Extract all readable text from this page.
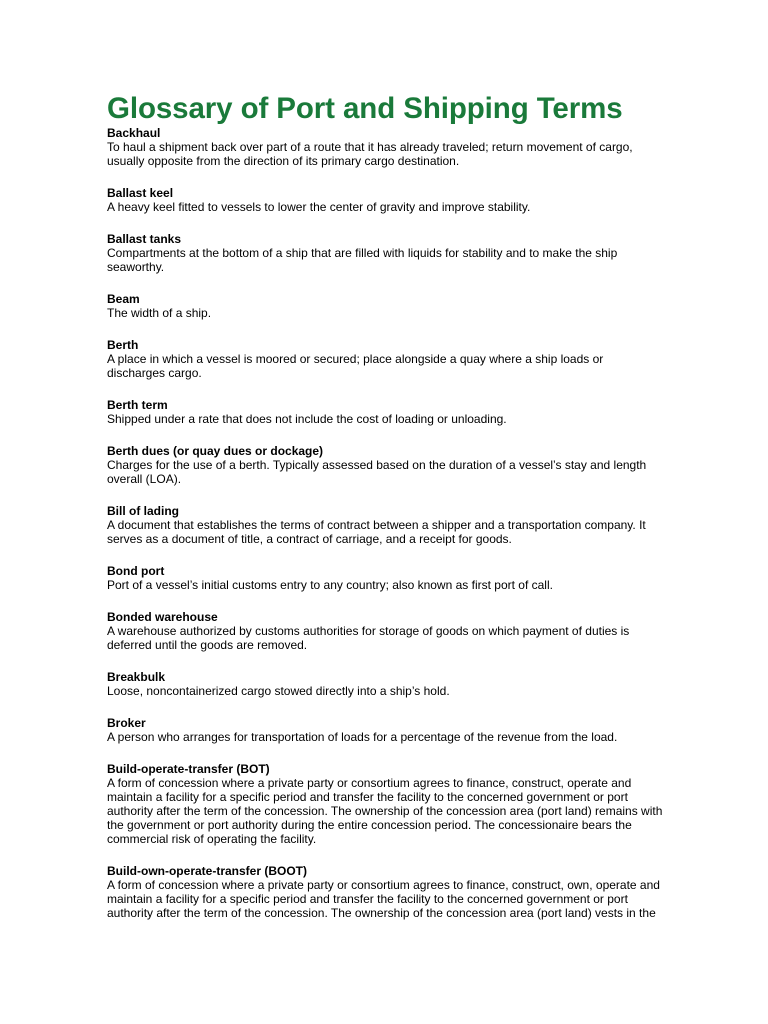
Glossary of Port and Shipping Terms

Backhaul

To haul a shipment back over part of a route that it has already traveled; return movement of cargo,

usually opposite from the direction of its primary cargo destination.

Ballast keel

A heavy keel fitted to vessels to lower the center of gravity and improve stability.

Ballast tanks

Compartments at the bottom of a ship that are filled with liquids for stability and to make the ship

seaworthy.

Beam

The width of a ship.

Berth

A place in which a vessel is moored or secured; place alongside a quay where a ship loads or

discharges cargo.

Berth term

Shipped under a rate that does not include the cost of loading or unloading.

Berth dues (or quay dues or dockage)

Charges for the use of a berth. Typically assessed based on the duration of a vessel’s stay and length

overall (LOA).

Bill of lading

A document that establishes the terms of contract between a shipper and a transportation company. It

serves as a document of title, a contract of carriage, and a receipt for goods.

Bond port

Port of a vessel’s initial customs entry to any country; also known as first port of call.

Bonded warehouse

A warehouse authorized by customs authorities for storage of goods on which payment of duties is

deferred until the goods are removed.

Breakbulk

Loose, noncontainerized cargo stowed directly into a ship’s hold.

Broker

A person who arranges for transportation of loads for a percentage of the revenue from the load.

Build-operate-transfer (BOT)

A form of concession where a private party or consortium agrees to finance, construct, operate and

maintain a facility for a specific period and transfer the facility to the concerned government or port

authority after the term of the concession. The ownership of the concession area (port land) remains with

the government or port authority during the entire concession period. The concessionaire bears the

commercial risk of operating the facility.

Build-own-operate-transfer (BOOT)

A form of concession where a private party or consortium agrees to finance, construct, own, operate and

maintain a facility for a specific period and transfer the facility to the concerned government or port

authority after the term of the concession. The ownership of the concession area (port land) vests in the
